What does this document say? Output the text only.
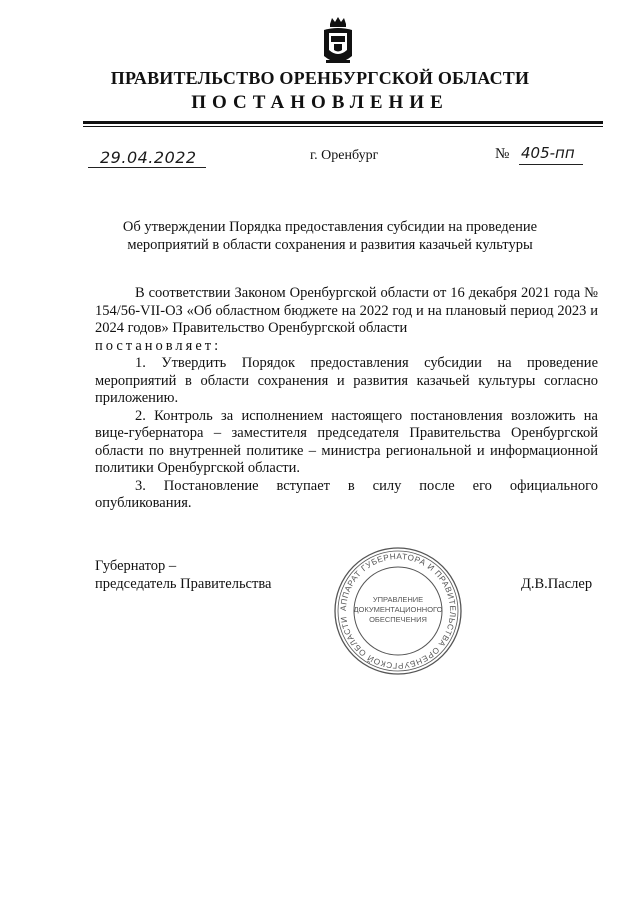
ПРАВИТЕЛЬСТВО ОРЕНБУРГСКОЙ ОБЛАСТИ
ПОСТАНОВЛЕНИЕ
29.04.2022	г. Оренбург	№ 405-пп
Об утверждении Порядка предоставления субсидии на проведение
мероприятий в области сохранения и развития казачьей культуры

В соответствии Законом Оренбургской области от 16 декабря 2021 года № 154/56-VII-ОЗ «Об областном бюджете на 2022 год и на плановый период 2023 и 2024 годов» Правительство Оренбургской области

постановляет:

1. Утвердить Порядок предоставления субсидии на проведение мероприятий в области сохранения и развития казачьей культуры согласно приложению.

2. Контроль за исполнением настоящего постановления возложить на вице-губернатора – заместителя председателя Правительства Оренбургской области по внутренней политике – министра региональной и информационной политики Оренбургской области.

3. Постановление вступает в силу после его официального опубликования.

Губернатор –
председатель Правительства	Д.В.Паслер
АППАРАТ ГУБЕРНАТОРА И ПРАВИТЕЛЬСТВА ОРЕНБУРГСКОЙ ОБЛАСТИ
УПРАВЛЕНИЕ
ДОКУМЕНТАЦИОННОГО
ОБЕСПЕЧЕНИЯ
